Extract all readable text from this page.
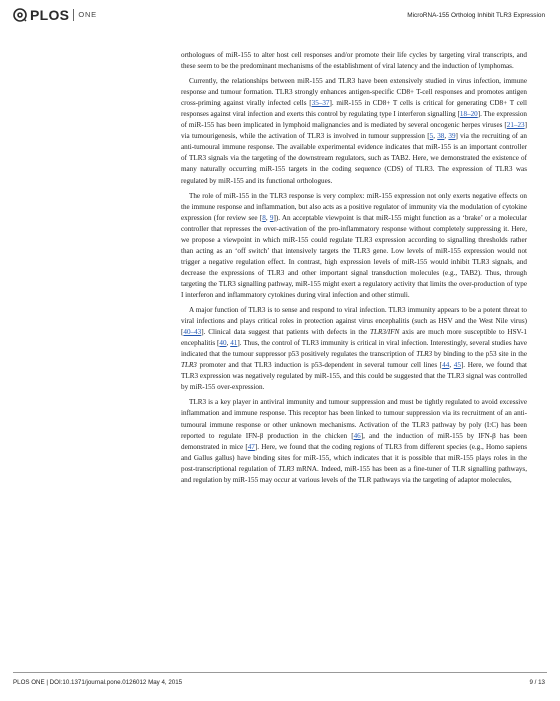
PLOS ONE	MicroRNA-155 Ortholog Inhibit TLR3 Expression

orthologues of miR-155 to alter host cell responses and/or promote their life cycles by targeting viral transcripts, and these seem to be the predominant mechanisms of the establishment of viral latency and the induction of lymphomas.

Currently, the relationships between miR-155 and TLR3 have been extensively studied in virus infection, immune response and tumour formation. TLR3 strongly enhances antigen-specific CD8+ T-cell responses and promotes antigen cross-priming against virally infected cells [35–37]. miR-155 in CD8+ T cells is critical for generating CD8+ T cell responses against viral infection and exerts this control by regulating type I interferon signalling [18–20]. The expression of miR-155 has been implicated in lymphoid malignancies and is mediated by several oncogenic herpes viruses [21–23] via tumourigenesis, while the activation of TLR3 is involved in tumour suppression [5, 38, 39] via the recruiting of an anti-tumoural immune response. The available experimental evidence indicates that miR-155 is an important controller of TLR3 signals via the targeting of the downstream regulators, such as TAB2. Here, we demonstrated the existence of many naturally occurring miR-155 targets in the coding sequence (CDS) of TLR3. The expression of TLR3 was regulated by miR-155 and its functional orthologues.

The role of miR-155 in the TLR3 response is very complex: miR-155 expression not only exerts negative effects on the immune response and inflammation, but also acts as a positive regulator of immunity via the modulation of cytokine expression (for review see [8, 9]). An acceptable viewpoint is that miR-155 might function as a ‘brake’ or a molecular controller that represses the over-activation of the pro-inflammatory response without completely suppressing it. Here, we propose a viewpoint in which miR-155 could regulate TLR3 expression according to signalling thresholds rather than acting as an ‘off switch’ that intensively targets the TLR3 gene. Low levels of miR-155 expression would not trigger a negative regulation effect. In contrast, high expression levels of miR-155 would inhibit TLR3 signals, and decrease the expressions of TLR3 and other important signal transduction molecules (e.g., TAB2). Thus, through targeting the TLR3 signalling pathway, miR-155 might exert a regulatory activity that limits the over-production of type I interferon and inflammatory cytokines during viral infection and other stimuli.

A major function of TLR3 is to sense and respond to viral infection. TLR3 immunity appears to be a potent threat to viral infections and plays critical roles in protection against virus encephalitis (such as HSV and the West Nile virus) [40–43]. Clinical data suggest that patients with defects in the TLR3/IFN axis are much more susceptible to HSV-1 encephalitis [40, 41]. Thus, the control of TLR3 immunity is critical in viral infection. Interestingly, several studies have indicated that the tumour suppressor p53 positively regulates the transcription of TLR3 by binding to the p53 site in the TLR3 promoter and that TLR3 induction is p53-dependent in several tumour cell lines [44, 45]. Here, we found that TLR3 expression was negatively regulated by miR-155, and this could be suggested that the TLR3 signal was controlled by miR-155 over-expression.

TLR3 is a key player in antiviral immunity and tumour suppression and must be tightly regulated to avoid excessive inflammation and immune response. This receptor has been linked to tumour suppression via its recruitment of an anti-tumoural immune response or other unknown mechanisms. Activation of the TLR3 pathway by poly (I:C) has been reported to regulate IFN-β production in the chicken [46], and the induction of miR-155 by IFN-β has been demonstrated in mice [47]. Here, we found that the coding regions of TLR3 from different species (e.g., Homo sapiens and Gallus gallus) have binding sites for miR-155, which indicates that it is possible that miR-155 plays roles in the post-transcriptional regulation of TLR3 mRNA. Indeed, miR-155 has been as a fine-tuner of TLR signalling pathways, and regulation by miR-155 may occur at various levels of the TLR pathways via the targeting of adaptor molecules,

PLOS ONE | DOI:10.1371/journal.pone.0126012 May 4, 2015	9 / 13
